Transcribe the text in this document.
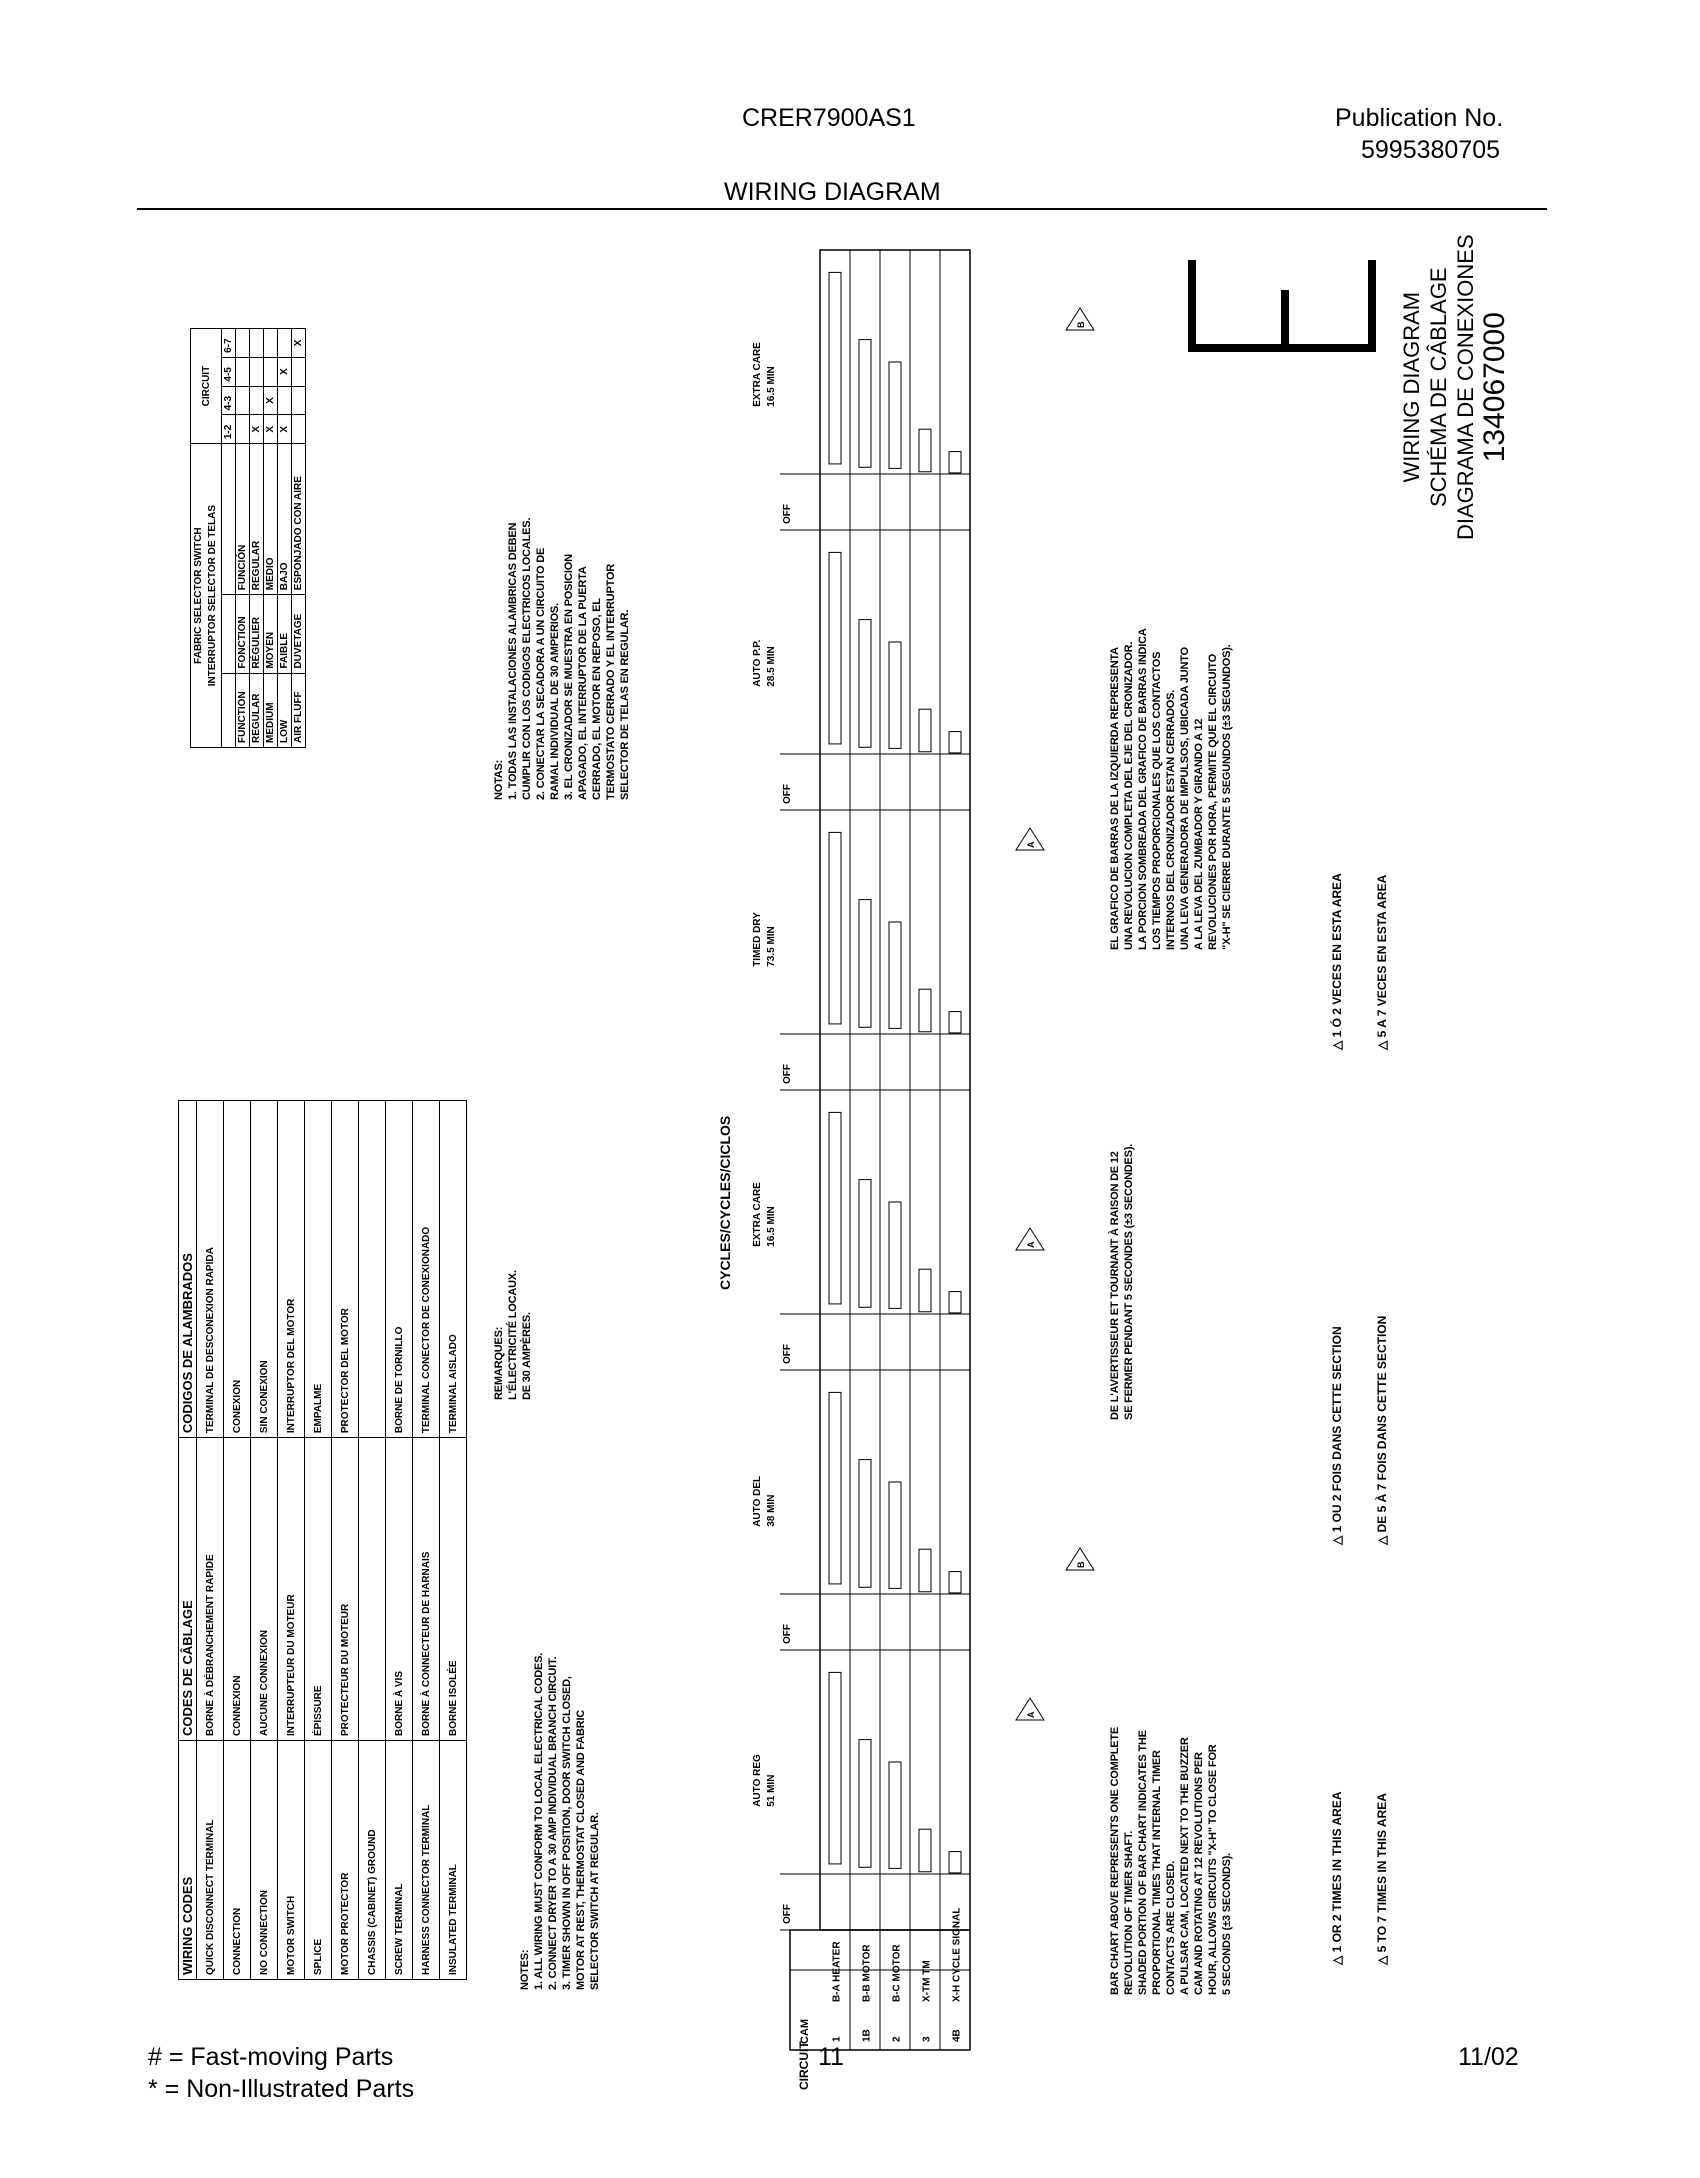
CRER7900AS1	Publication No.
5995380705
WIRING DIAGRAM
WIRING CODES	CODES DE CÂBLAGE	CODIGOS DE ALAMBRADOS
QUICK DISCONNECT TERMINAL	BORNE À DÉBRANCHEMENT RAPIDE	TERMINAL DE DESCONEXION RAPIDA
CONNECTION	CONNEXION	CONEXION
NO CONNECTION	AUCUNE CONNEXION	SIN CONEXION
MOTOR SWITCH	INTERRUPTEUR DU MOTEUR	INTERRUPTOR DEL MOTOR
SPLICE	ÉPISSURE	EMPALME
MOTOR PROTECTOR	PROTECTEUR DU MOTEUR	PROTECTOR DEL MOTOR
CHASSIS (CABINET) GROUND		
SCREW TERMINAL	BORNE À VIS	BORNE DE TORNILLO
HARNESS CONNECTOR TERMINAL	BORNE À CONNECTEUR DE HARNAIS	TERMINAL CONECTOR DE CONEXIONADO
INSULATED TERMINAL	BORNE ISOLÉE	TERMINAL AISLADO
FABRIC SELECTOR SWITCH INTERRUPTOR SELECTOR DE TELAS			CIRCUIT			
			1-2	4-3	4-5	6-7
FUNCTION	FONCTION	FUNCIÓN				
REGULAR	RÉGULIER	REGULAR	X			
MEDIUM	MOYEN	MEDIO	X	X		
LOW	FAIBLE	BAJO	X		X	
AIR FLUFF	DUVETAGE	ESPONJADO CON AIRE				X
NOTES: 1. ALL WIRING MUST CONFORM TO LOCAL ELECTRICAL CODES. 2. CONNECT DRYER TO A 30 AMP INDIVIDUAL BRANCH CIRCUIT. 3. TIMER SHOWN IN OFF POSITION, DOOR SWITCH CLOSED, MOTOR AT REST, THERMOSTAT CLOSED AND FABRIC SELECTOR SWITCH AT REGULAR.
REMARQUES: L'ÉLECTRICITÉ LOCAUX. DE 30 AMPÈRES.
NOTAS: 1. TODAS LAS INSTALACIONES ALAMBRICAS DEBEN CUMPLIR CON LOS CODIGOS ELECTRICOS LOCALES. 2. CONECTAR LA SECADORA A UN CIRCUITO DE RAMAL INDIVIDUAL DE 30 AMPERIOS. 3. EL CRONIZADOR SE MUESTRA EN POSICION APAGADO, EL INTERRUPTOR DE LA PUERTA CERRADO, EL MOTOR EN REPOSO, EL TERMOSTATO CERRADO Y EL INTERRUPTOR SELECTOR DE TELAS EN REGULAR.
CAM
CIRCUIT
1
B-A HEATER
1B
B-B MOTOR
2
B-C MOTOR
3
X-TM TM
4B
X-H CYCLE SIGNAL
OFF
AUTO REG 51 MIN
OFF
AUTO DEL 38 MIN
OFF
EXTRA CARE 16.5 MIN
OFF
TIMED DRY 73.5 MIN
OFF
AUTO P.P. 28.5 MIN
OFF
EXTRA CARE 16.5 MIN
CYCLES/CYCLES/CICLOS	A
A
B
A
B
BAR CHART ABOVE REPRESENTS ONE COMPLETE REVOLUTION OF TIMER SHAFT. SHADED PORTION OF BAR CHART INDICATES THE PROPORTIONAL TIMES THAT INTERNAL TIMER CONTACTS ARE CLOSED. A PULSAR CAM, LOCATED NEXT TO THE BUZZER CAM AND ROTATING AT 12 REVOLUTIONS PER HOUR, ALLOWS CIRCUITS "X-H" TO CLOSE FOR 5 SECONDS (±3 SECONDS).
DE L'AVERTISSEUR ET TOURNANT À RAISON DE 12 SE FERMER PENDANT 5 SECONDES (±3 SECONDES).
EL GRAFICO DE BARRAS DE LA IZQUIERDA REPRESENTA UNA REVOLUCION COMPLETA DEL EJE DEL CRONIZADOR. LA PORCION SOMBREADA DEL GRAFICO DE BARRAS INDICA LOS TIEMPOS PROPORCIONALES QUE LOS CONTACTOS INTERNOS DEL CRONIZADOR ESTAN CERRADOS. UNA LEVA GENERADORA DE IMPULSOS, UBICADA JUNTO A LA LEVA DEL ZUMBADOR Y GIRANDO A 12 REVOLUCIONES POR HORA, PERMITE QUE EL CIRCUITO "X-H" SE CIERRE DURANTE 5 SEGUNDOS (±3 SEGUNDOS).
△ 1 OR 2 TIMES IN THIS AREA
△ 5 TO 7 TIMES IN THIS AREA
△ 1 OU 2 FOIS DANS CETTE SECTION
△ DE 5 À 7 FOIS DANS CETTE SECTION
△ 1 Ó 2 VECES EN ESTA AREA
△ 5 A 7 VECES EN ESTA AREA
WIRING DIAGRAM SCHÉMA DE CÂBLAGE DIAGRAMA DE CONEXIONES 134067000
# = Fast-moving Parts
* = Non-Illustrated Parts
11	11/02
